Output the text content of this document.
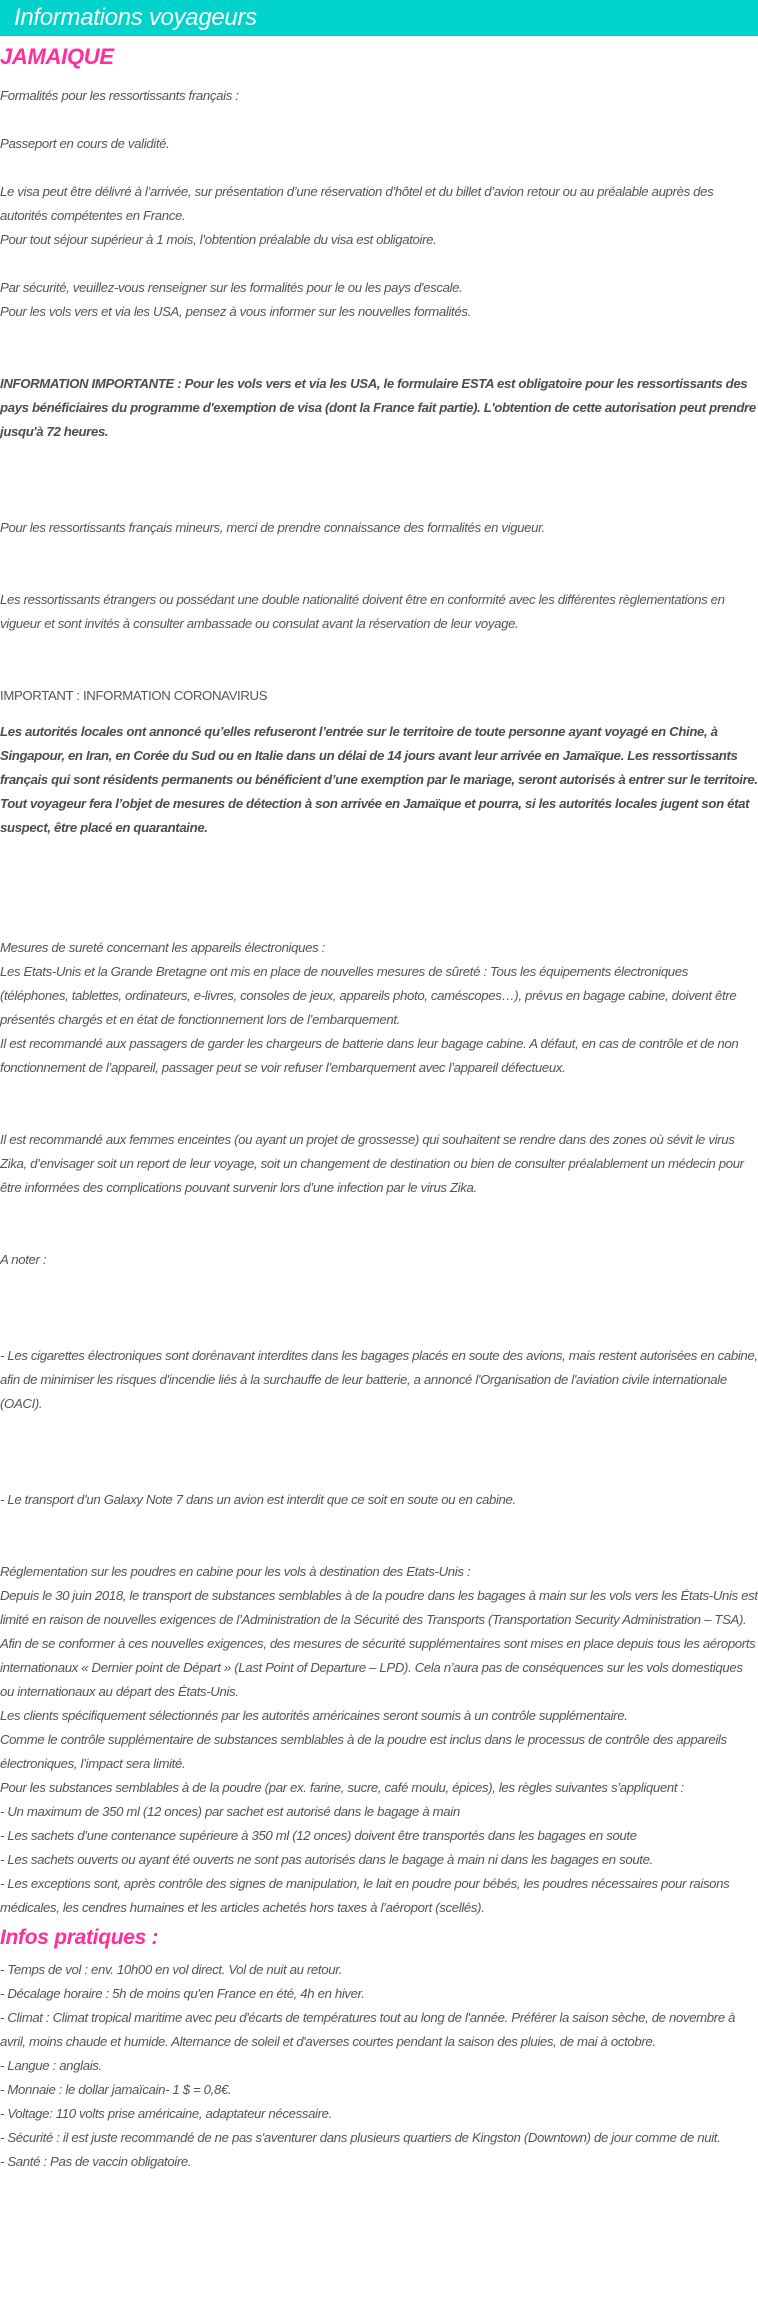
Informations voyageurs
JAMAIQUE

Formalités pour les ressortissants français :

Passeport en cours de validité.

Le visa peut être délivré à l’arrivée, sur présentation d’une réservation d’hôtel et du billet d’avion retour ou au préalable auprès des autorités compétentes en France.
Pour tout séjour supérieur à 1 mois, l’obtention préalable du visa est obligatoire.

Par sécurité, veuillez-vous renseigner sur les formalités pour le ou les pays d'escale.
Pour les vols vers et via les USA, pensez à vous informer sur les nouvelles formalités.

INFORMATION IMPORTANTE : Pour les vols vers et via les USA, le formulaire ESTA est obligatoire pour les ressortissants des pays bénéficiaires du programme d'exemption de visa (dont la France fait partie). L'obtention de cette autorisation peut prendre jusqu'à 72 heures.

Pour les ressortissants français mineurs, merci de prendre connaissance des formalités en vigueur.

Les ressortissants étrangers ou possédant une double nationalité doivent être en conformité avec les différentes règlementations en vigueur et sont invités à consulter ambassade ou consulat avant la réservation de leur voyage.

IMPORTANT : INFORMATION CORONAVIRUS

Les autorités locales ont annoncé qu’elles refuseront l’entrée sur le territoire de toute personne ayant voyagé en Chine, à Singapour, en Iran, en Corée du Sud ou en Italie dans un délai de 14 jours avant leur arrivée en Jamaïque. Les ressortissants français qui sont résidents permanents ou bénéficient d’une exemption par le mariage, seront autorisés à entrer sur le territoire. Tout voyageur fera l’objet de mesures de détection à son arrivée en Jamaïque et pourra, si les autorités locales jugent son état suspect, être placé en quarantaine.

Mesures de sureté concernant les appareils électroniques :

Les Etats-Unis et la Grande Bretagne ont mis en place de nouvelles mesures de sûreté : Tous les équipements électroniques (téléphones, tablettes, ordinateurs, e-livres, consoles de jeux, appareils photo, caméscopes…), prévus en bagage cabine, doivent être présentés chargés et en état de fonctionnement lors de l’embarquement.
Il est recommandé aux passagers de garder les chargeurs de batterie dans leur bagage cabine. A défaut, en cas de contrôle et de non fonctionnement de l’appareil, passager peut se voir refuser l’embarquement avec l’appareil défectueux.

Il est recommandé aux femmes enceintes (ou ayant un projet de grossesse) qui souhaitent se rendre dans des zones où sévit le virus Zika, d’envisager soit un report de leur voyage, soit un changement de destination ou bien de consulter préalablement un médecin pour être informées des complications pouvant survenir lors d’une infection par le virus Zika.

A noter :

- Les cigarettes électroniques sont dorénavant interdites dans les bagages placés en soute des avions, mais restent autorisées en cabine, afin de minimiser les risques d'incendie liés à la surchauffe de leur batterie, a annoncé l'Organisation de l'aviation civile internationale (OACI).

- Le transport d’un Galaxy Note 7 dans un avion est interdit que ce soit en soute ou en cabine.

Réglementation sur les poudres en cabine pour les vols à destination des Etats-Unis :

Depuis le 30 juin 2018, le transport de substances semblables à de la poudre dans les bagages à main sur les vols vers les États-Unis est limité en raison de nouvelles exigences de l’Administration de la Sécurité des Transports (Transportation Security Administration – TSA).
Afin de se conformer à ces nouvelles exigences, des mesures de sécurité supplémentaires sont mises en place depuis tous les aéroports internationaux « Dernier point de Départ » (Last Point of Departure – LPD). Cela n’aura pas de conséquences sur les vols domestiques ou internationaux au départ des États-Unis.
Les clients spécifiquement sélectionnés par les autorités américaines seront soumis à un contrôle supplémentaire.
Comme le contrôle supplémentaire de substances semblables à de la poudre est inclus dans le processus de contrôle des appareils électroniques, l’impact sera limité.
Pour les substances semblables à de la poudre (par ex. farine, sucre, café moulu, épices), les règles suivantes s’appliquent :
- Un maximum de 350 ml (12 onces) par sachet est autorisé dans le bagage à main
- Les sachets d’une contenance supérieure à 350 ml (12 onces) doivent être transportés dans les bagages en soute
- Les sachets ouverts ou ayant été ouverts ne sont pas autorisés dans le bagage à main ni dans les bagages en soute.
- Les exceptions sont, après contrôle des signes de manipulation, le lait en poudre pour bébés, les poudres nécessaires pour raisons médicales, les cendres humaines et les articles achetés hors taxes à l’aéroport (scellés).

Infos pratiques :

- Temps de vol : env. 10h00 en vol direct. Vol de nuit au retour.
- Décalage horaire : 5h de moins qu'en France en été, 4h en hiver.
- Climat : Climat tropical maritime avec peu d'écarts de températures tout au long de l'année. Préférer la saison sèche, de novembre à avril, moins chaude et humide. Alternance de soleil et d'averses courtes pendant la saison des pluies, de mai à octobre.
- Langue : anglais.
- Monnaie : le dollar jamaïcain- 1 $ = 0,8€.
- Voltage: 110 volts prise américaine, adaptateur nécessaire.
- Sécurité : il est juste recommandé de ne pas s'aventurer dans plusieurs quartiers de Kingston (Downtown) de jour comme de nuit.
- Santé : Pas de vaccin obligatoire.
